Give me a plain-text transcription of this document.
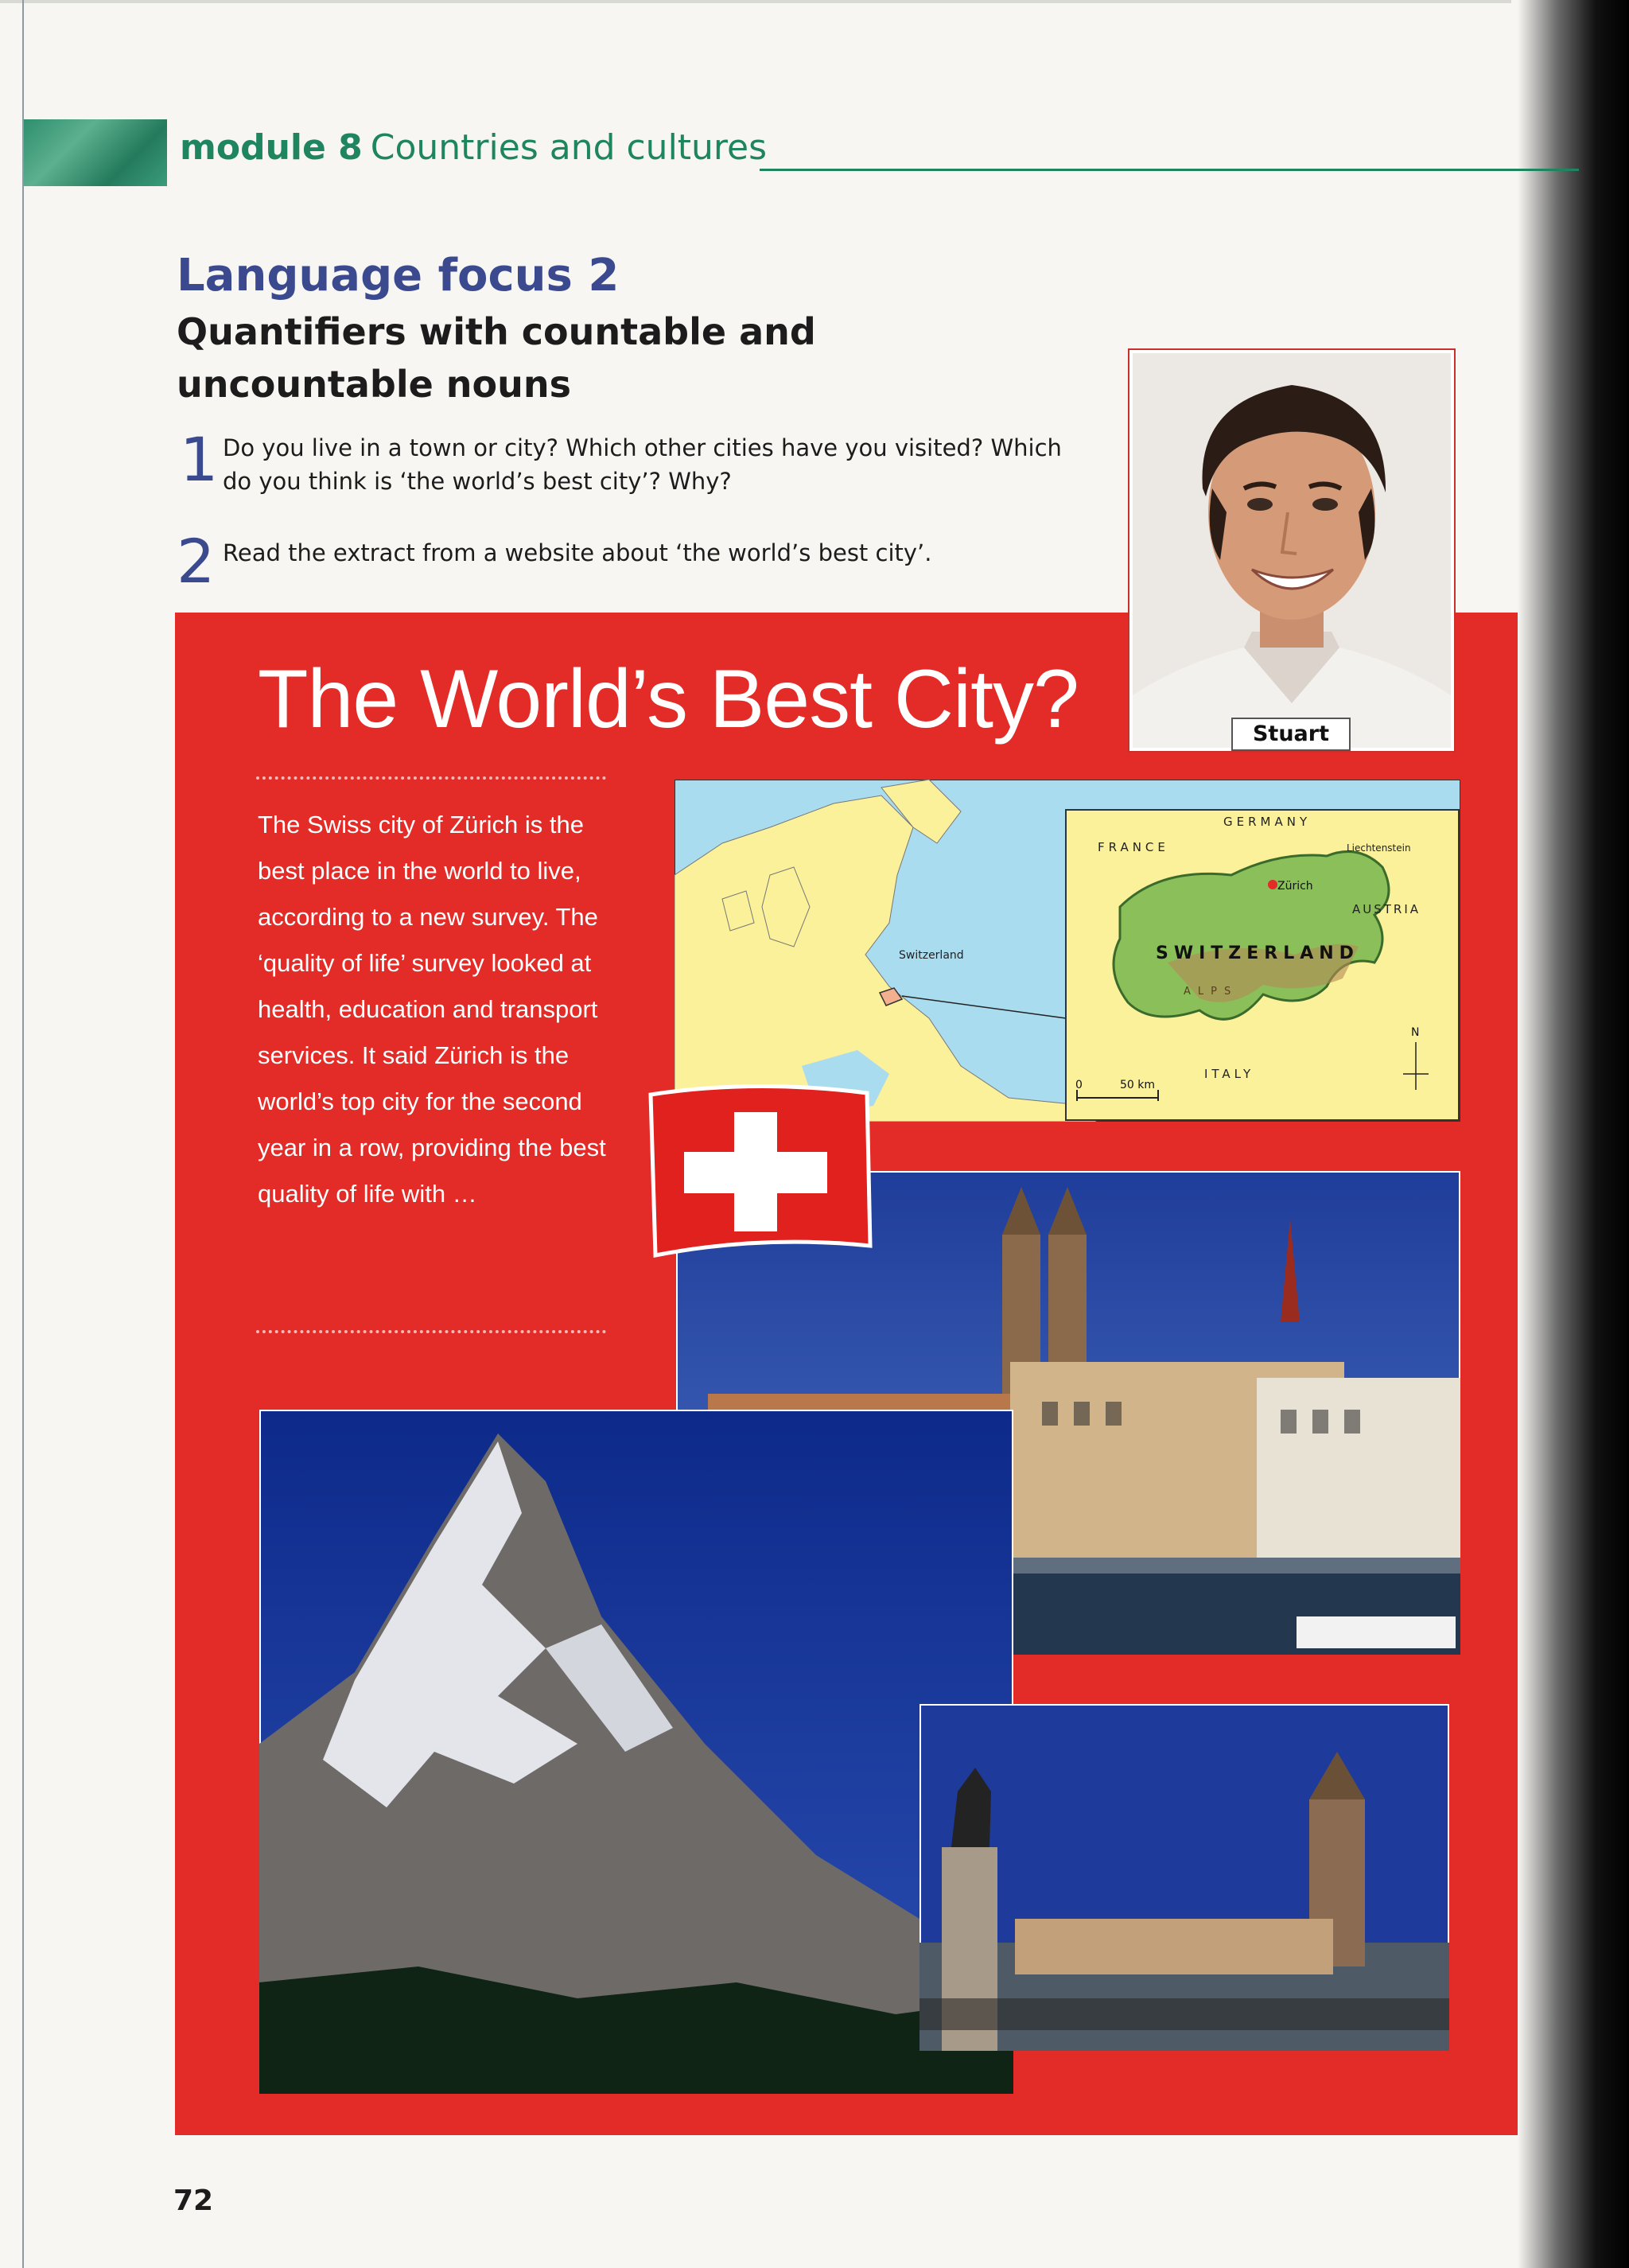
module 8 Countries and cultures
Language focus 2
Quantifiers with countable and uncountable nouns
1 Do you live in a town or city? Which other cities have you visited? Which do you think is ‘the world’s best city’? Why?
2 Read the extract from a website about ‘the world’s best city’.
The World’s Best City?
The Swiss city of Zürich is the best place in the world to live, according to a new survey. The ‘quality of life’ survey looked at health, education and transport services. It said Zürich is the world’s top city for the second year in a row, providing the best quality of life with …
Stuart
Switzerland
Zürich
GERMANY
FRANCE	Liechtenstein
AUSTRIA
ITALY
SWITZERLAND
ALPS
N
0	50 km
72
